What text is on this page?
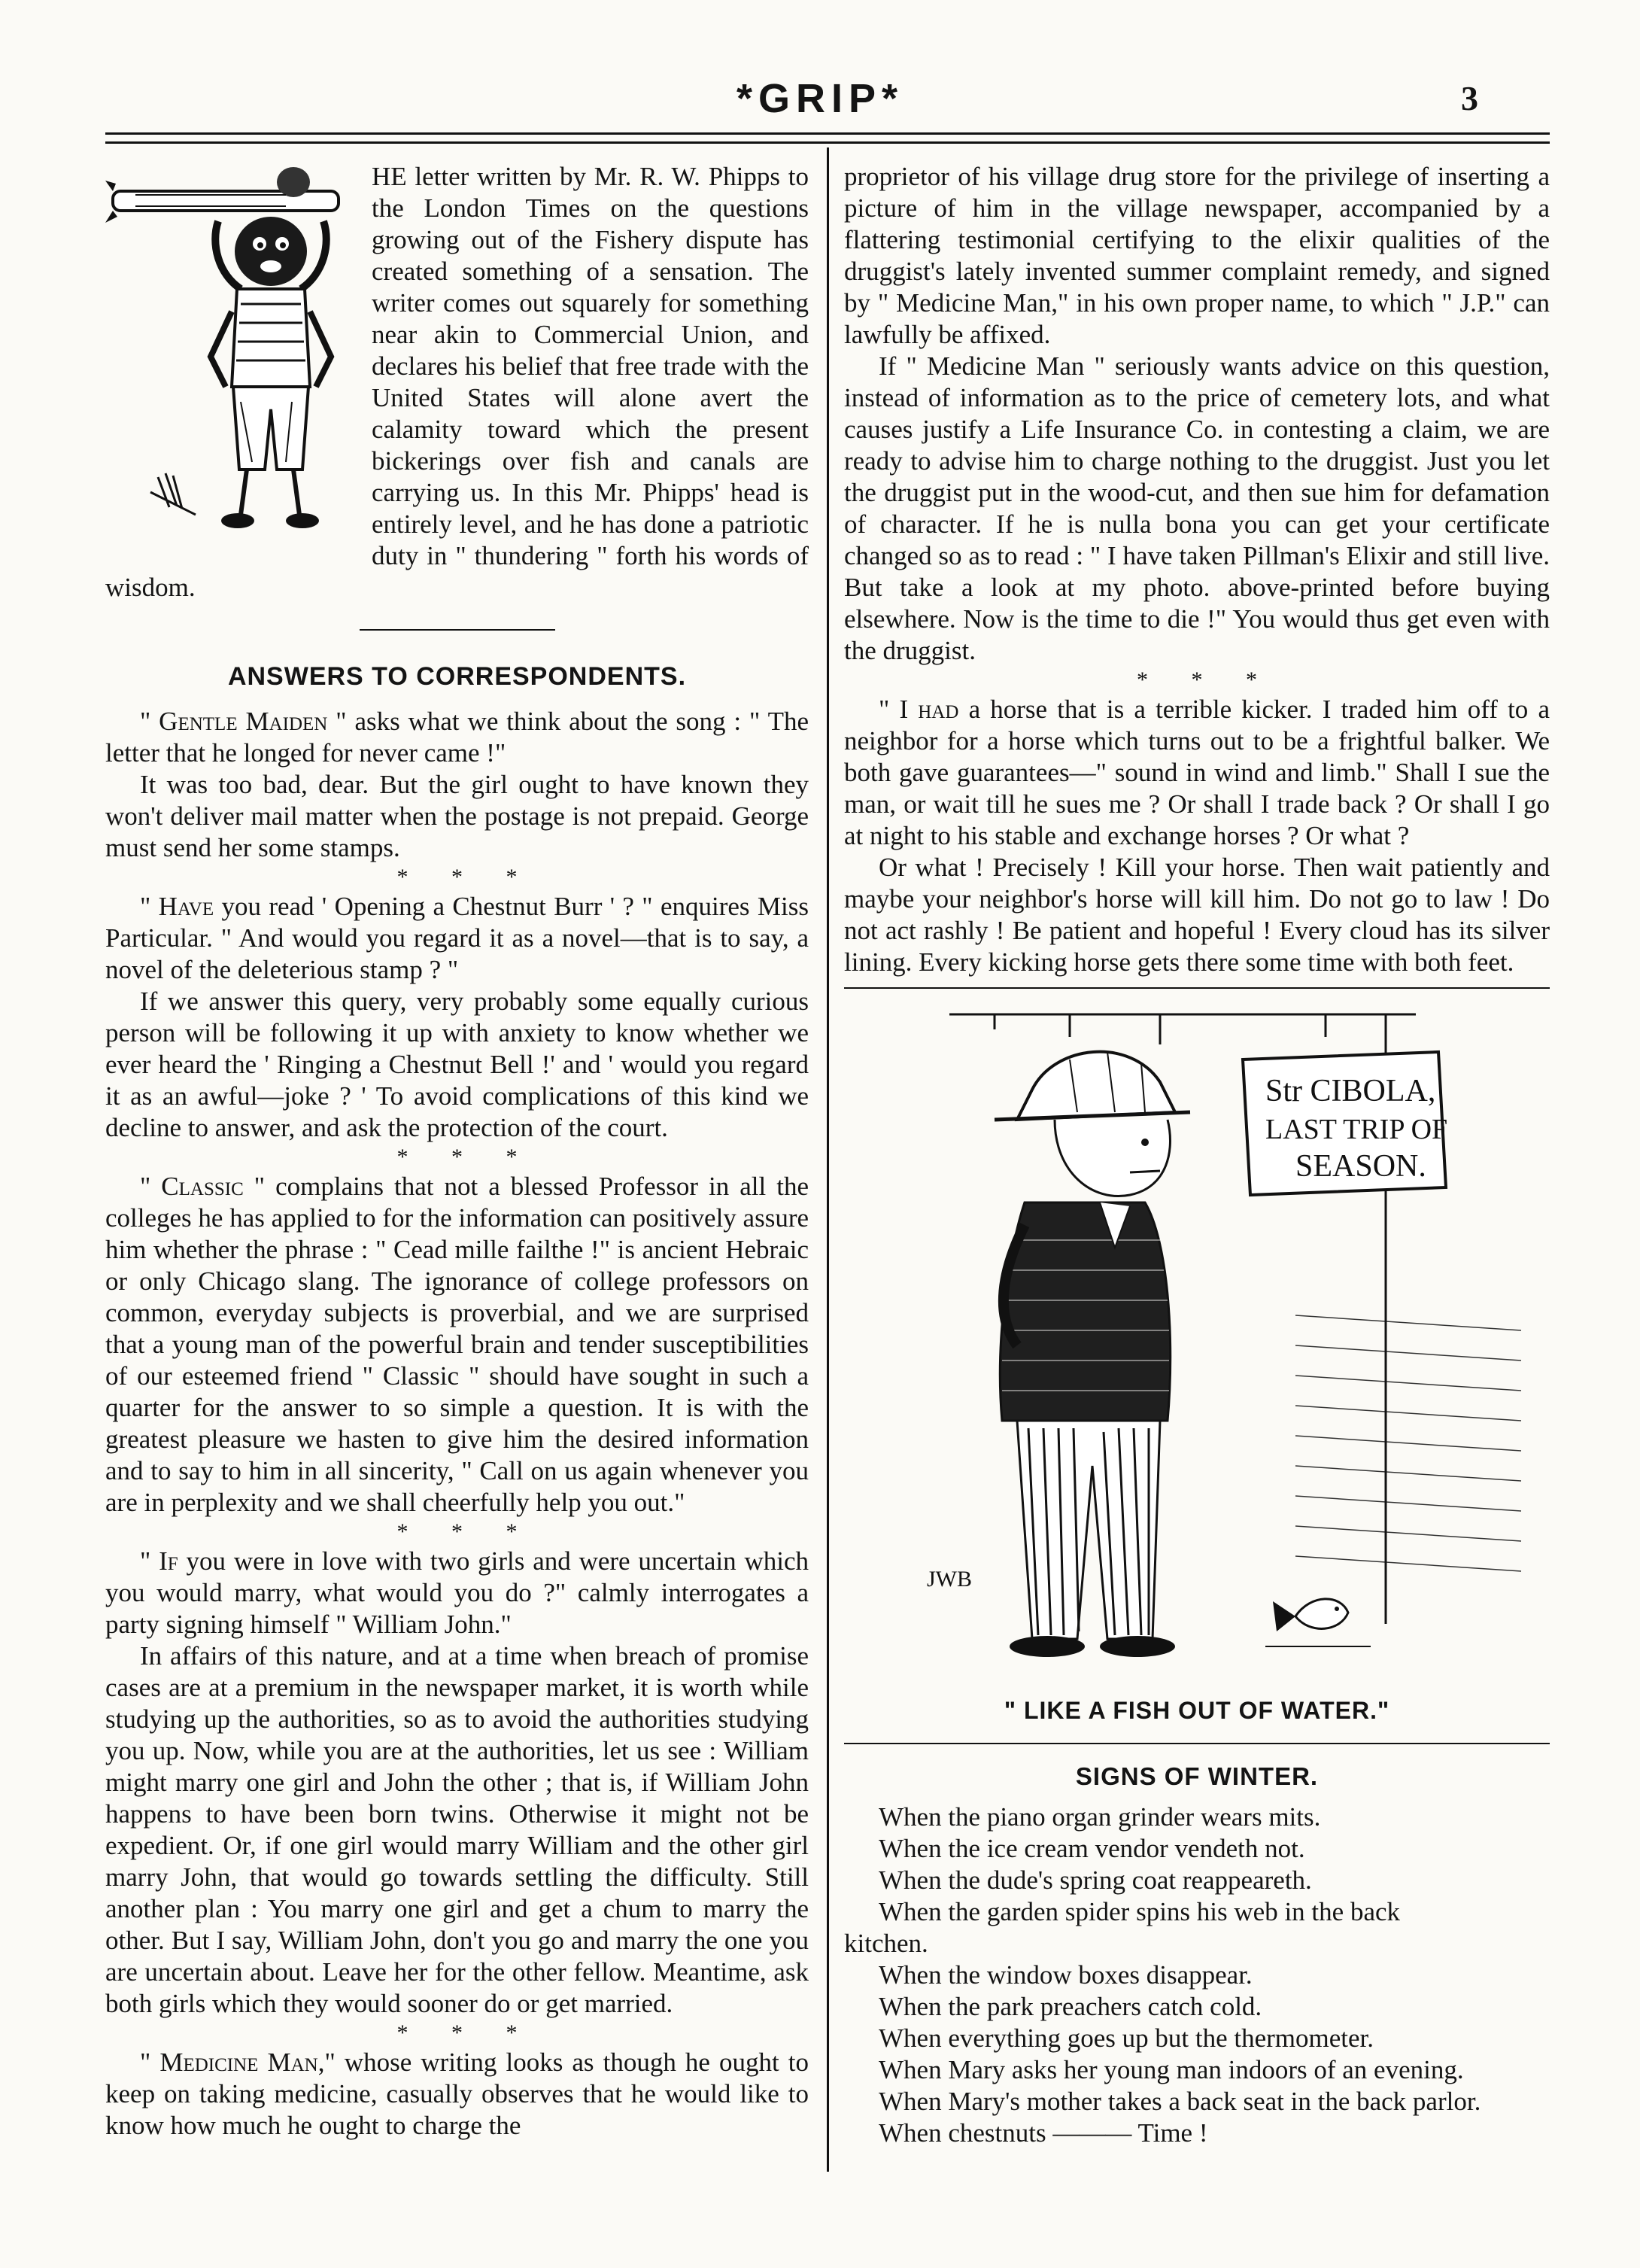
*GRIP*	3

HE letter written by Mr. R. W. Phipps to the London Times on the questions growing out of the Fishery dispute has created something of a sensation. The writer comes out squarely for something near akin to Commercial Union, and declares his belief that free trade with the United States will alone avert the calamity toward which the present bickerings over fish and canals are carrying us. In this Mr. Phipps' head is entirely level, and he has done a patriotic duty in " thundering " forth his words of wisdom.

ANSWERS TO CORRESPONDENTS.

" Gentle Maiden " asks what we think about the song : " The letter that he longed for never came !"

It was too bad, dear. But the girl ought to have known they won't deliver mail matter when the postage is not prepaid. George must send her some stamps.

* * *

" Have you read ' Opening a Chestnut Burr ' ? " enquires Miss Particular. " And would you regard it as a novel—that is to say, a novel of the deleterious stamp ? "

If we answer this query, very probably some equally curious person will be following it up with anxiety to know whether we ever heard the ' Ringing a Chestnut Bell !' and ' would you regard it as an awful—joke ? ' To avoid complications of this kind we decline to answer, and ask the protection of the court.

* * *

" Classic " complains that not a blessed Professor in all the colleges he has applied to for the information can positively assure him whether the phrase : " Cead mille failthe !" is ancient Hebraic or only Chicago slang. The ignorance of college professors on common, everyday subjects is proverbial, and we are surprised that a young man of the powerful brain and tender susceptibilities of our esteemed friend " Classic " should have sought in such a quarter for the answer to so simple a question. It is with the greatest pleasure we hasten to give him the desired information and to say to him in all sincerity, " Call on us again whenever you are in perplexity and we shall cheerfully help you out."

* * *

" If you were in love with two girls and were uncertain which you would marry, what would you do ?" calmly interrogates a party signing himself " William John."

In affairs of this nature, and at a time when breach of promise cases are at a premium in the newspaper market, it is worth while studying up the authorities, so as to avoid the authorities studying you up. Now, while you are at the authorities, let us see : William might marry one girl and John the other ; that is, if William John happens to have been born twins. Otherwise it might not be expedient. Or, if one girl would marry William and the other girl marry John, that would go towards settling the difficulty. Still another plan : You marry one girl and get a chum to marry the other. But I say, William John, don't you go and marry the one you are uncertain about. Leave her for the other fellow. Meantime, ask both girls which they would sooner do or get married.

* * *

" Medicine Man," whose writing looks as though he ought to keep on taking medicine, casually observes that he would like to know how much he ought to charge the

proprietor of his village drug store for the privilege of inserting a picture of him in the village newspaper, accompanied by a flattering testimonial certifying to the elixir qualities of the druggist's lately invented summer complaint remedy, and signed by " Medicine Man," in his own proper name, to which " J.P." can lawfully be affixed.

If " Medicine Man " seriously wants advice on this question, instead of information as to the price of cemetery lots, and what causes justify a Life Insurance Co. in contesting a claim, we are ready to advise him to charge nothing to the druggist. Just you let the druggist put in the wood-cut, and then sue him for defamation of character. If he is nulla bona you can get your certificate changed so as to read : " I have taken Pillman's Elixir and still live. But take a look at my photo. above-printed before buying elsewhere. Now is the time to die !" You would thus get even with the druggist.

* * *

" I had a horse that is a terrible kicker. I traded him off to a neighbor for a horse which turns out to be a frightful balker. We both gave guarantees—" sound in wind and limb." Shall I sue the man, or wait till he sues me ? Or shall I trade back ? Or shall I go at night to his stable and exchange horses ? Or what ?

Or what ! Precisely ! Kill your horse. Then wait patiently and maybe your neighbor's horse will kill him. Do not go to law ! Do not act rashly ! Be patient and hopeful ! Every cloud has its silver lining. Every kicking horse gets there some time with both feet.

Str CIBOLA,
LAST TRIP OF
SEASON.
JWB
" LIKE A FISH OUT OF WATER."
SIGNS OF WINTER.
When the piano organ grinder wears mits.
When the ice cream vendor vendeth not.
When the dude's spring coat reappeareth.
When the garden spider spins his web in the back
kitchen.
When the window boxes disappear.
When the park preachers catch cold.
When everything goes up but the thermometer.
When Mary asks her young man indoors of an evening.
When Mary's mother takes a back seat in the back parlor.
When chestnuts ——— Time !
